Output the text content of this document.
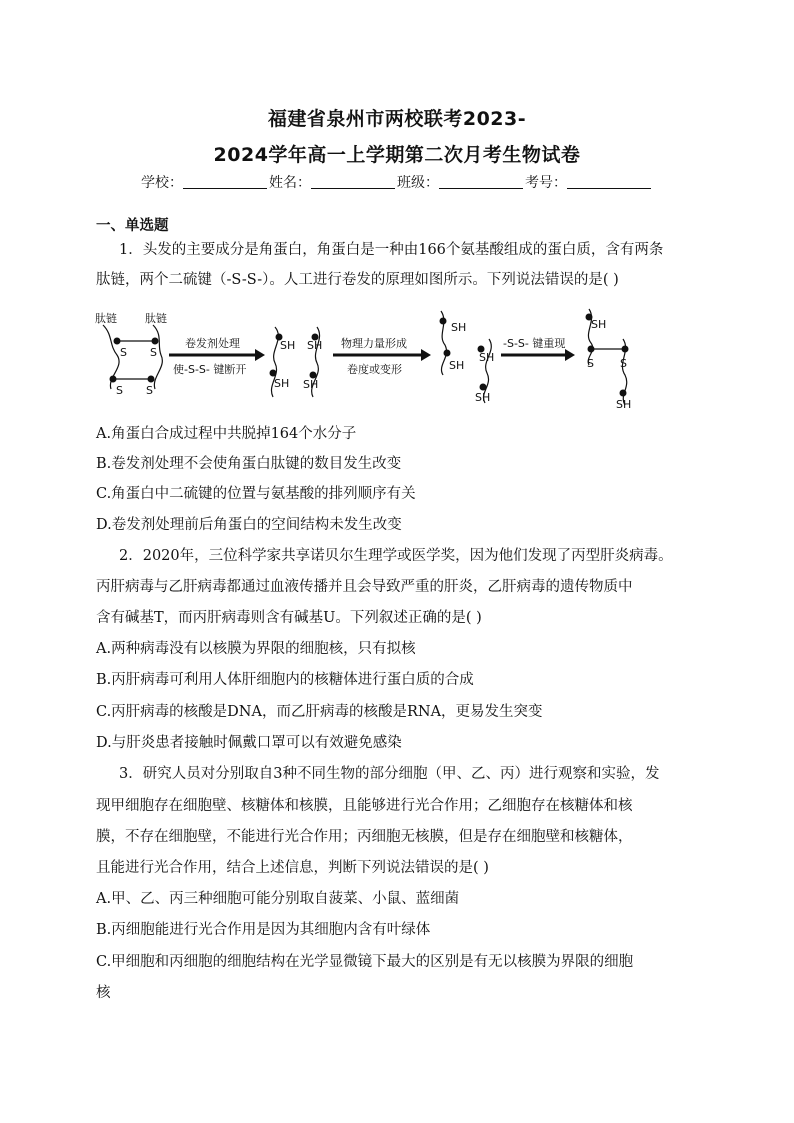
福建省泉州市两校联考2023-
2024学年高一上学期第二次月考生物试卷
学校：	姓名：	班级：	考号：
一、单选题
1．头发的主要成分是角蛋白，角蛋白是一种由166个氨基酸组成的蛋白质，含有两条
肽链，两个二硫键（-S-S-）。人工进行卷发的原理如图所示。下列说法错误的是( )
肽链	肽链
S S
S S
SH SH
SH SH
SH
SH
SH
SH
SH
S S
SH
卷发剂处理
使-S-S- 键断开
物理力量形成
卷度或变形
-S-S- 键重现
A.角蛋白合成过程中共脱掉164个水分子
B.卷发剂处理不会使角蛋白肽键的数目发生改变
C.角蛋白中二硫键的位置与氨基酸的排列顺序有关
D.卷发剂处理前后角蛋白的空间结构未发生改变
2．2020年，三位科学家共享诺贝尔生理学或医学奖，因为他们发现了丙型肝炎病毒。
丙肝病毒与乙肝病毒都通过血液传播并且会导致严重的肝炎，乙肝病毒的遗传物质中
含有碱基T，而丙肝病毒则含有碱基U。下列叙述正确的是( )
A.两种病毒没有以核膜为界限的细胞核，只有拟核
B.丙肝病毒可利用人体肝细胞内的核糖体进行蛋白质的合成
C.丙肝病毒的核酸是DNA，而乙肝病毒的核酸是RNA，更易发生突变
D.与肝炎患者接触时佩戴口罩可以有效避免感染
3．研究人员对分别取自3种不同生物的部分细胞（甲、乙、丙）进行观察和实验，发
现甲细胞存在细胞壁、核糖体和核膜，且能够进行光合作用；乙细胞存在核糖体和核
膜，不存在细胞壁，不能进行光合作用；丙细胞无核膜，但是存在细胞壁和核糖体，
且能进行光合作用，结合上述信息，判断下列说法错误的是( )
A.甲、乙、丙三种细胞可能分别取自菠菜、小鼠、蓝细菌
B.丙细胞能进行光合作用是因为其细胞内含有叶绿体
C.甲细胞和丙细胞的细胞结构在光学显微镜下最大的区别是有无以核膜为界限的细胞
核
